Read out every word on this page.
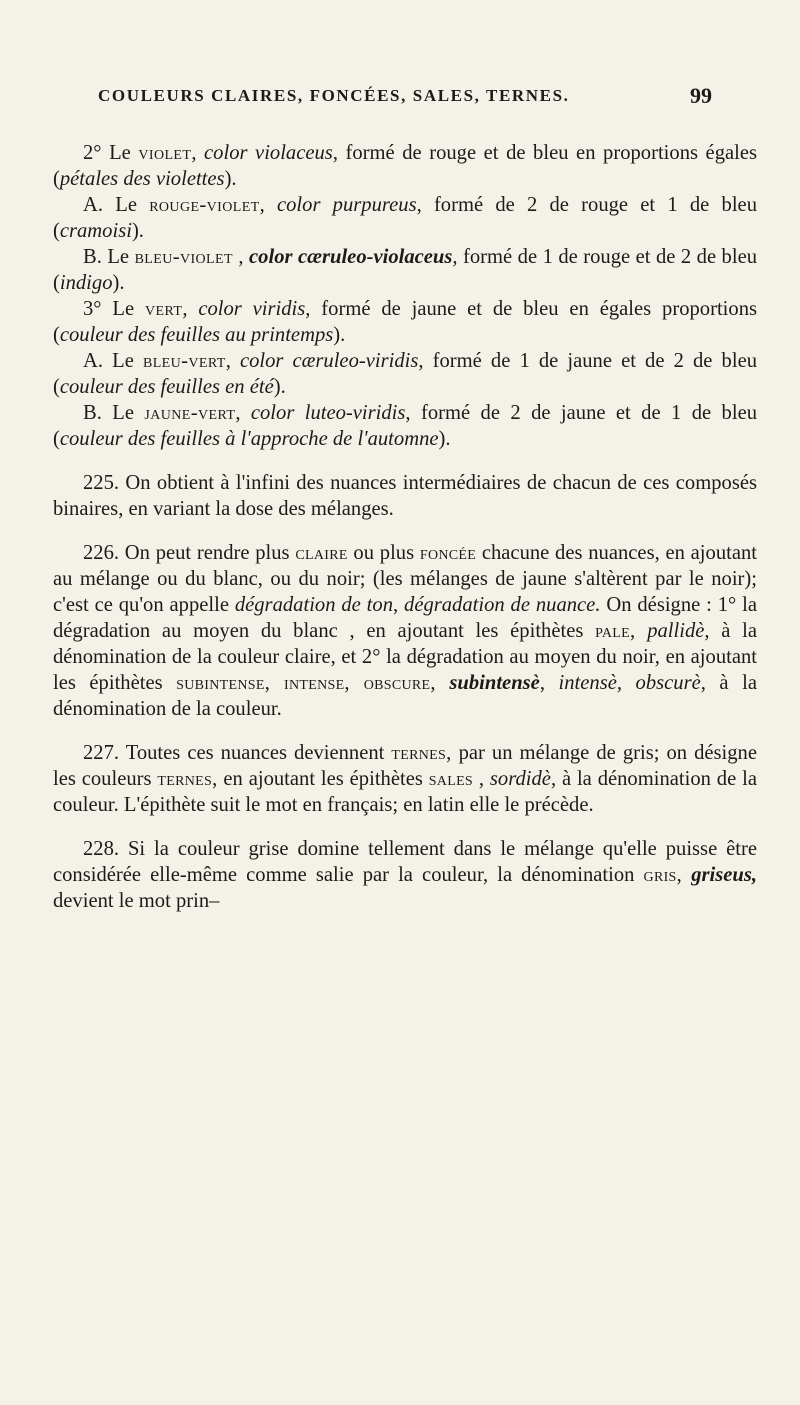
COULEURS CLAIRES, FONCÉES, SALES, TERNES.	99

2° Le violet, color violaceus, formé de rouge et de bleu en proportions égales (pétales des violettes).

A. Le rouge-violet, color purpureus, formé de 2 de rouge et 1 de bleu (cramoisi).

B. Le bleu-violet , color cæruleo-violaceus, formé de 1 de rouge et de 2 de bleu (indigo).

3° Le vert, color viridis, formé de jaune et de bleu en égales proportions (couleur des feuilles au printemps).

A. Le bleu-vert, color cæruleo-viridis, formé de 1 de jaune et de 2 de bleu (couleur des feuilles en été).

B. Le jaune-vert, color luteo-viridis, formé de 2 de jaune et de 1 de bleu (couleur des feuilles à l'approche de l'automne).

225. On obtient à l'infini des nuances intermédiaires de chacun de ces composés binaires, en variant la dose des mélanges.

226. On peut rendre plus claire ou plus foncée chacune des nuances, en ajoutant au mélange ou du blanc, ou du noir; (les mélanges de jaune s'altèrent par le noir); c'est ce qu'on appelle dégradation de ton, dégradation de nuance. On désigne : 1° la dégradation au moyen du blanc , en ajoutant les épithètes pale, pallidè, à la dénomination de la couleur claire, et 2° la dégradation au moyen du noir, en ajoutant les épithètes subintense, intense, obscure, subintensè, intensè, obscurè, à la dénomination de la couleur.

227. Toutes ces nuances deviennent ternes, par un mélange de gris; on désigne les couleurs ternes, en ajoutant les épithètes sales , sordidè, à la dénomination de la couleur. L'épithète suit le mot en français; en latin elle le précède.

228. Si la couleur grise domine tellement dans le mélange qu'elle puisse être considérée elle-même comme salie par la couleur, la dénomination gris, griseus, devient le mot prin–
